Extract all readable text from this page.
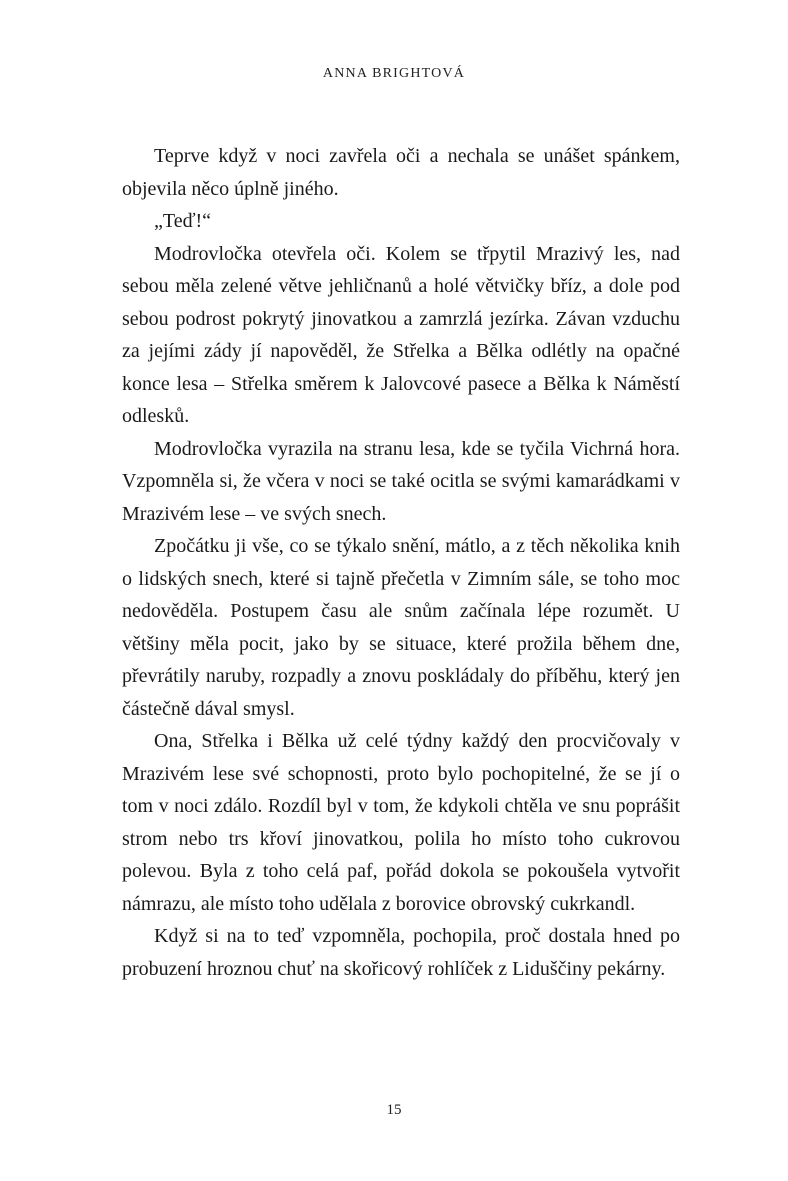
ANNA BRIGHTOVÁ

Teprve když v noci zavřela oči a nechala se unášet spánkem, objevila něco úplně jiného.

„Teď!“

Modrovločka otevřela oči. Kolem se třpytil Mrazivý les, nad sebou měla zelené větve jehličnanů a holé větvičky bříz, a dole pod sebou podrost pokrytý jinovatkou a zamrzlá jezírka. Závan vzduchu za jejími zády jí napověděl, že Střelka a Bělka odlétly na opačné konce lesa – Střelka směrem k Jalovcové pasece a Bělka k Náměstí odlesků.

Modrovločka vyrazila na stranu lesa, kde se tyčila Vichrná hora. Vzpomněla si, že včera v noci se také ocitla se svými kamarádkami v Mrazivém lese – ve svých snech.

Zpočátku ji vše, co se týkalo snění, mátlo, a z těch několika knih o lidských snech, které si tajně přečetla v Zimním sále, se toho moc nedověděla. Postupem času ale snům začínala lépe rozumět. U většiny měla pocit, jako by se situace, které prožila během dne, převrátily naruby, rozpadly a znovu poskládaly do příběhu, který jen částečně dával smysl.

Ona, Střelka i Bělka už celé týdny každý den procvičovaly v Mrazivém lese své schopnosti, proto bylo pochopitelné, že se jí o tom v noci zdálo. Rozdíl byl v tom, že kdykoli chtěla ve snu poprášit strom nebo trs křoví jinovatkou, polila ho místo toho cukrovou polevou. Byla z toho celá paf, pořád dokola se pokoušela vytvořit námrazu, ale místo toho udělala z borovice obrovský cukrkandl.

Když si na to teď vzpomněla, pochopila, proč dostala hned po probuzení hroznou chuť na skořicový rohlíček z Liduščiny pekárny.

15
